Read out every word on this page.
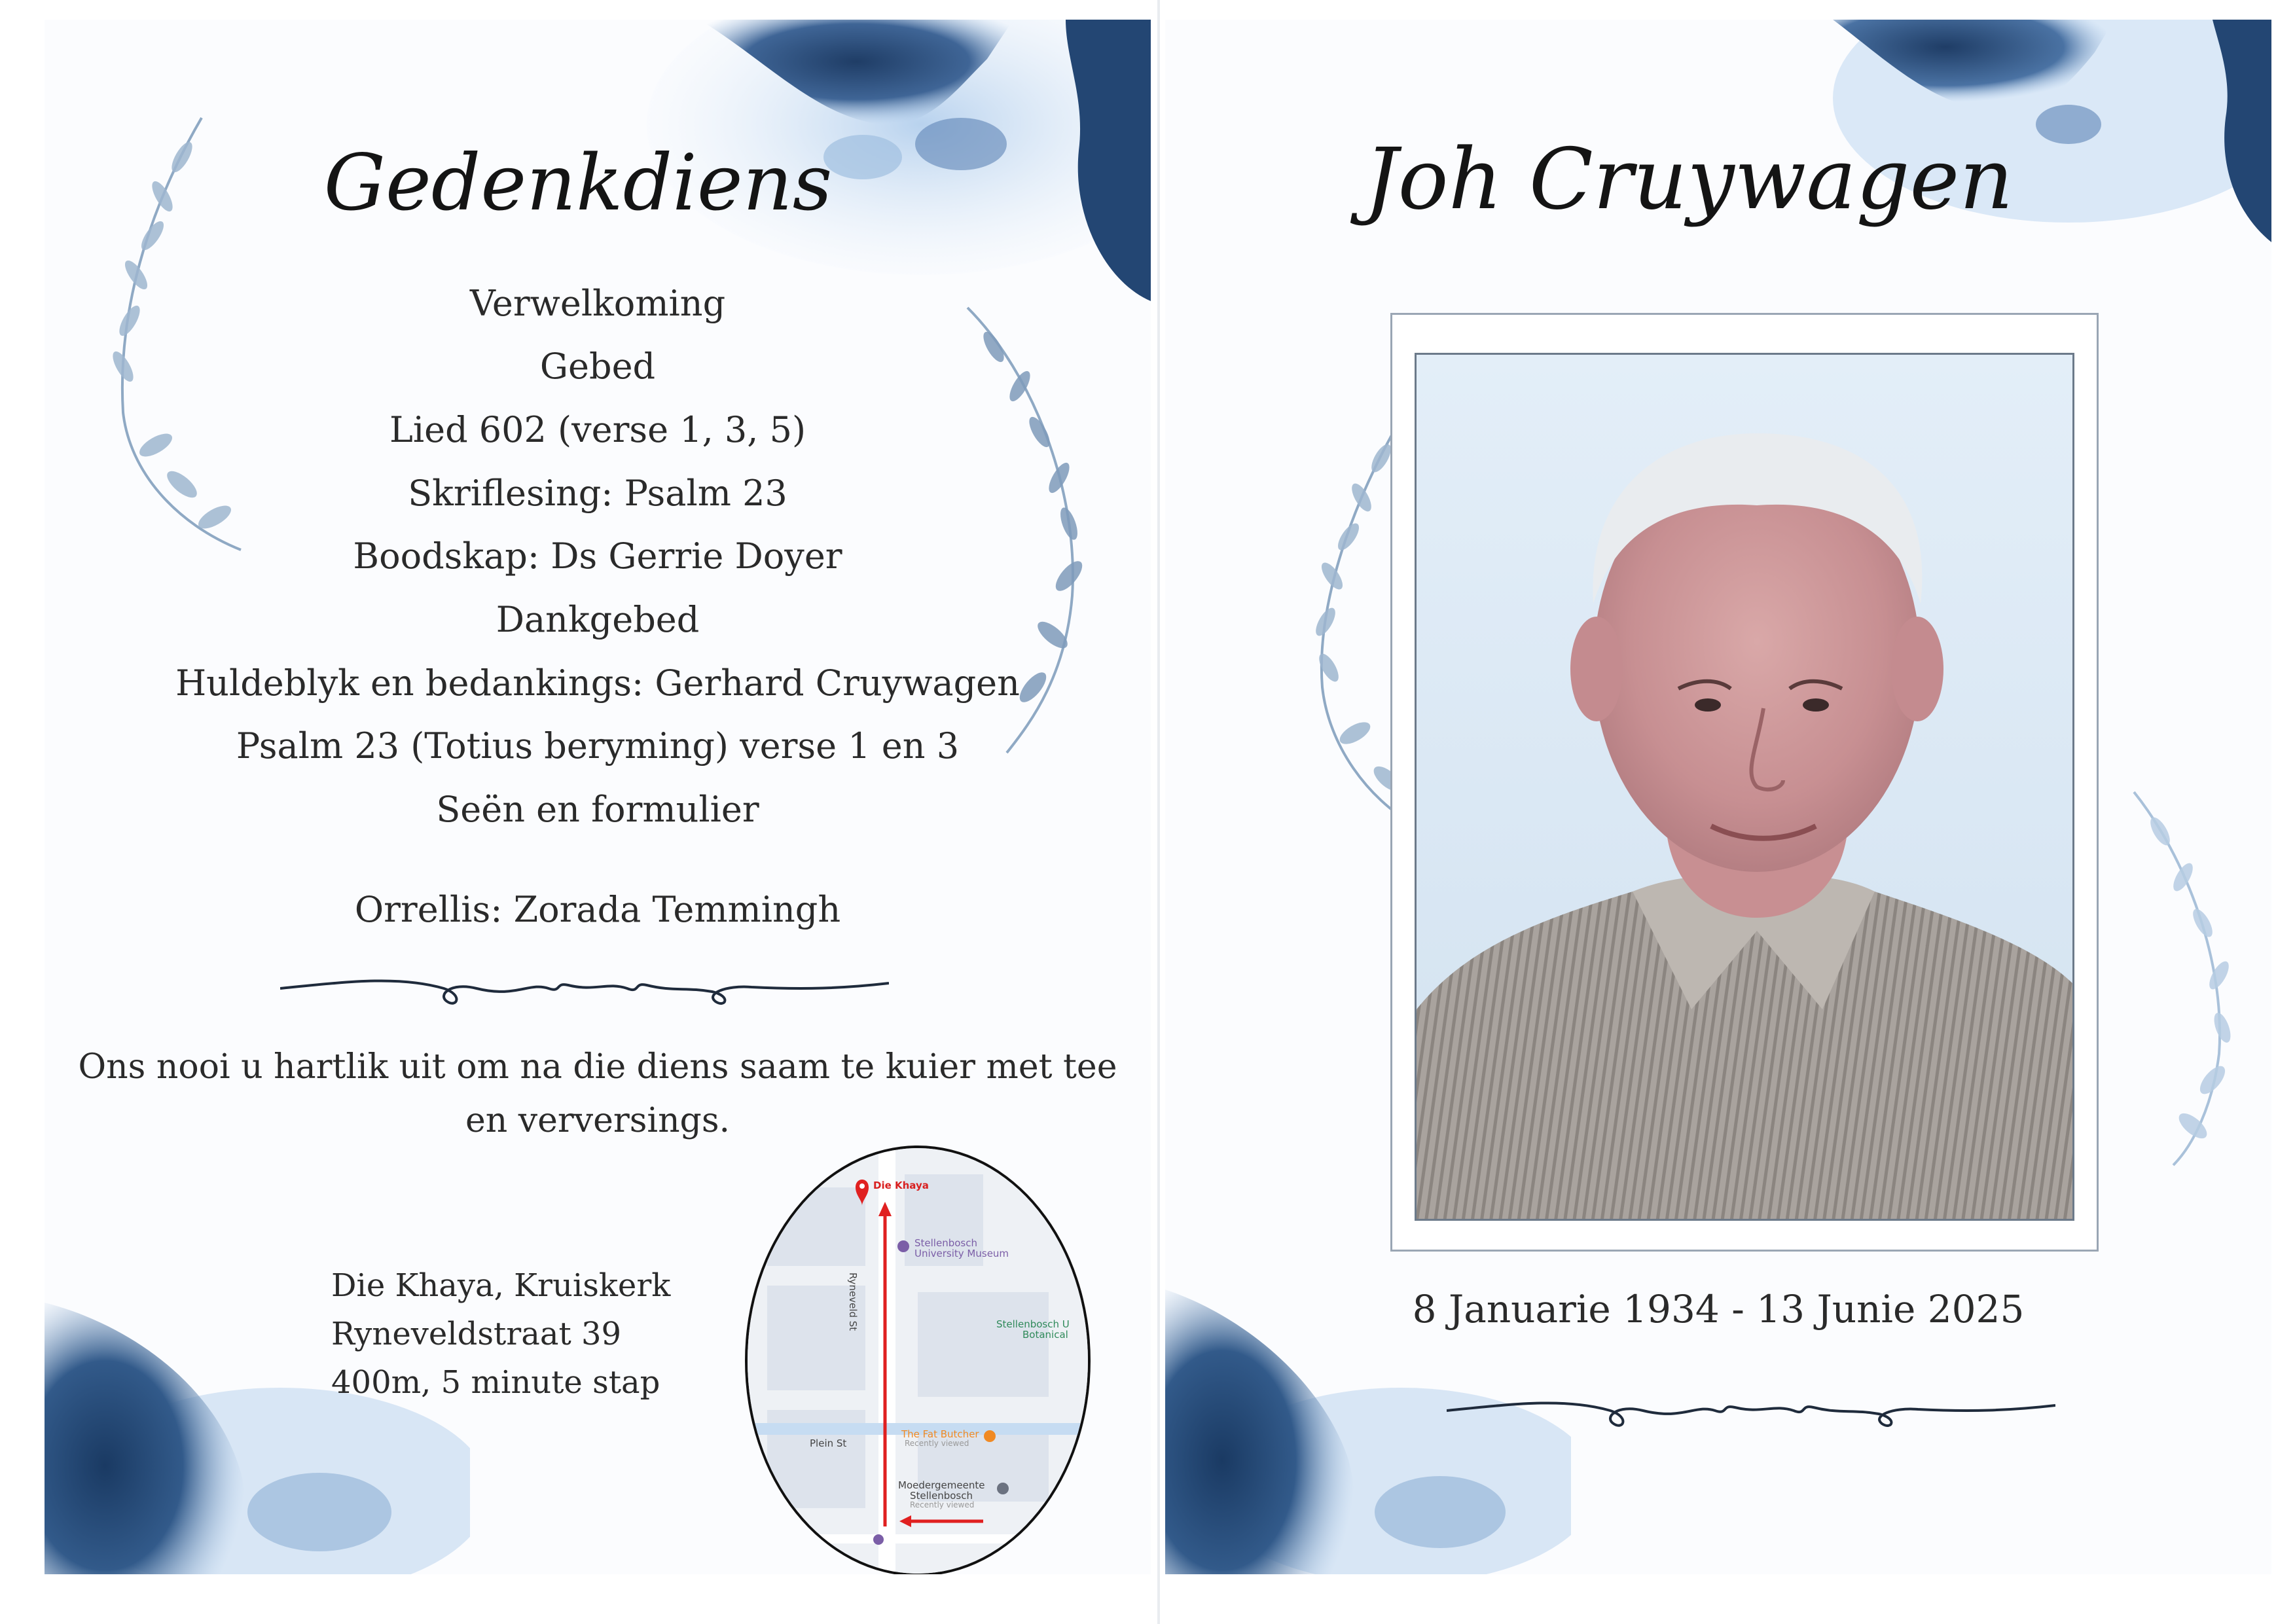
Gedenkdiens
Verwelkoming
Gebed
Lied 602 (verse 1, 3, 5)
Skriflesing: Psalm 23
Boodskap: Ds Gerrie Doyer
Dankgebed
Huldeblyk en bedankings: Gerhard Cruywagen
Psalm 23 (Totius beryming) verse 1 en 3
Seën en formulier
Orrellis: Zorada Temmingh
Ons nooi u hartlik uit om na die diens saam te kuier met tee
en verversings.
Die Khaya, Kruiskerk
Ryneveldstraat 39
400m, 5 minute stap
Die Khaya
Stellenbosch
University Museum
Stellenbosch U
Botanical
Ryneveld St
Plein St
The Fat Butcher
Recently viewed
Moedergemeente
Stellenbosch
Recently viewed
Joh Cruywagen
8 Januarie 1934 - 13 Junie 2025
